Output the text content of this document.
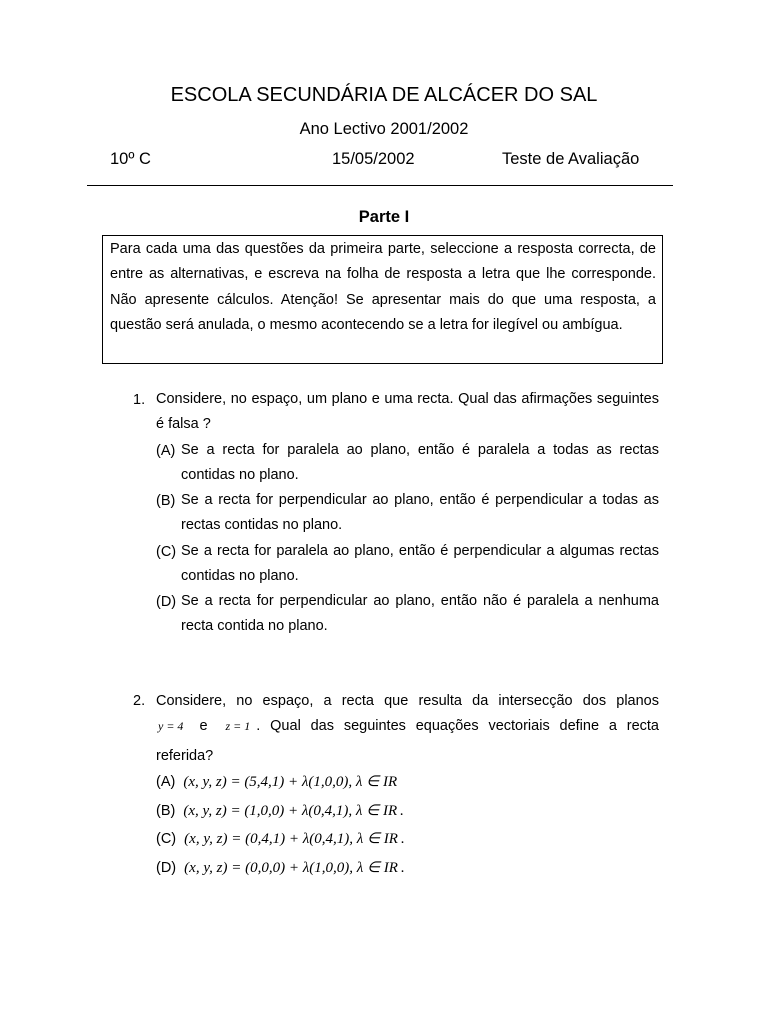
ESCOLA SECUNDÁRIA DE ALCÁCER DO SAL
Ano Lectivo 2001/2002
10º C	15/05/2002	Teste de Avaliação
Parte I
Para cada uma das questões da primeira parte, seleccione a resposta correcta, de entre as alternativas, e escreva na folha de resposta a letra que lhe corresponde. Não apresente cálculos. Atenção! Se apresentar mais do que uma resposta, a questão será anulada, o mesmo acontecendo se a letra for ilegível ou ambígua.
1. Considere, no espaço, um plano e uma recta. Qual das afirmações seguintes é falsa ?
(A) Se a recta for paralela ao plano, então é paralela a todas as rectas contidas no plano.
(B) Se a recta for perpendicular ao plano, então é perpendicular a todas as rectas contidas no plano.
(C) Se a recta for paralela ao plano, então é perpendicular a algumas rectas contidas no plano.
(D) Se a recta for perpendicular ao plano, então não é paralela a nenhuma recta contida no plano.
2. Considere, no espaço, a recta que resulta da intersecção dos planos
y = 4 e z = 1 . Qual das seguintes equações vectoriais define a recta
referida?
(A) (x, y, z) = (5,4,1) + λ(1,0,0), λ ∈ IR
(B) (x, y, z) = (1,0,0) + λ(0,4,1), λ ∈ IR .
(C) (x, y, z) = (0,4,1) + λ(0,4,1), λ ∈ IR .
(D) (x, y, z) = (0,0,0) + λ(1,0,0), λ ∈ IR .
